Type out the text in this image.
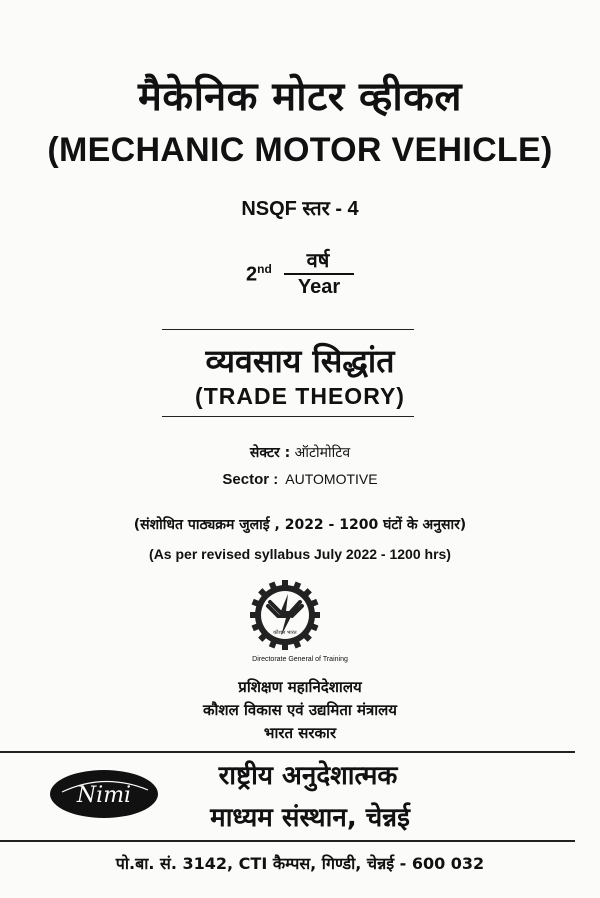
मैकेनिक मोटर व्हीकल
(MECHANIC MOTOR VEHICLE)
NSQF स्तर - 4
2nd	वर्ष
Year
व्यवसाय सिद्धांत
(TRADE THEORY)
सेक्टर : ऑटोमोटिव
Sector : AUTOMOTIVE
(संशोधित पाठ्यक्रम जुलाई , 2022 - 1200 घंटों के अनुसार)
(As per revised syllabus July 2022 - 1200 hrs)
कौशल भारत
Directorate General of Training
प्रशिक्षण महानिदेशालय
कौशल विकास एवं उद्यमिता मंत्रालय
भारत सरकार
Nimi
राष्ट्रीय अनुदेशात्मक
माध्यम संस्थान, चेन्नई
पो.बा. सं. 3142, CTI कैम्पस, गिण्डी, चेन्नई - 600 032
